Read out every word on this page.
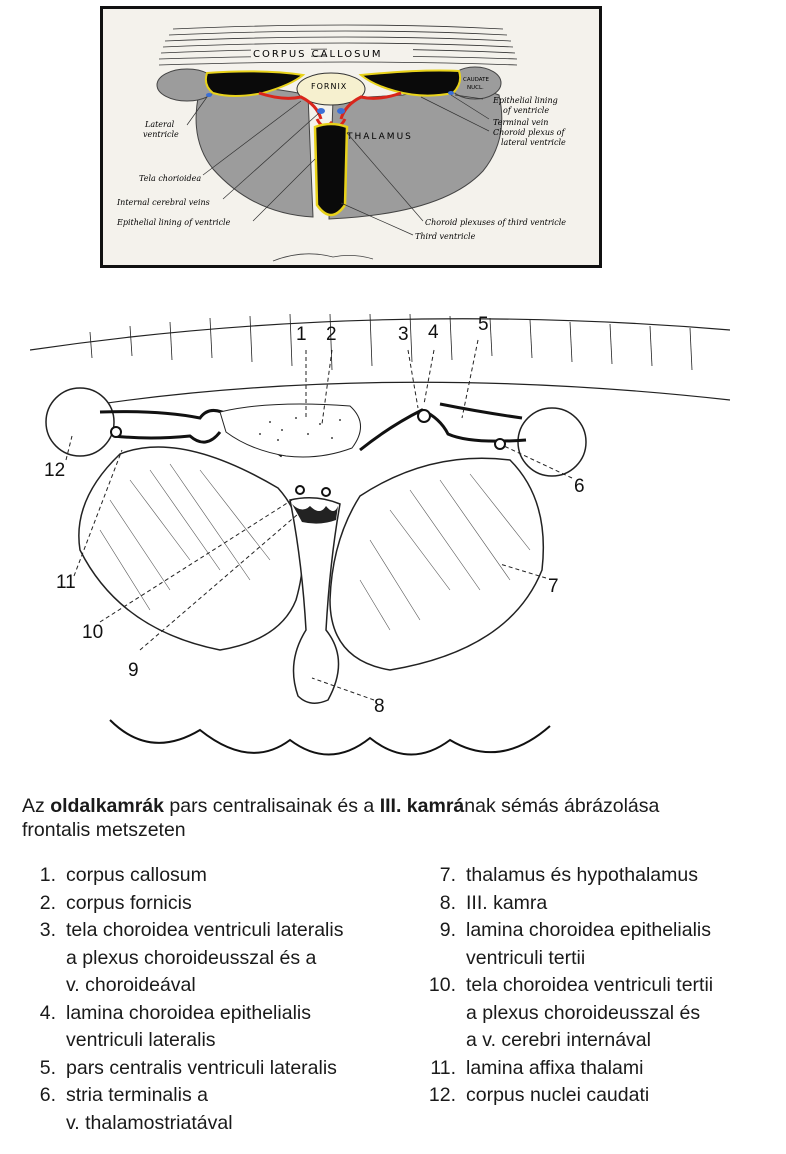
CORPUS CALLOSUM
CAUDATE
NUCL.
FORNIX
THALAMUS
Lateral
ventricle
Tela chorioidea
Internal cerebral veins
Epithelial lining of ventricle
Epithelial lining
of ventricle
Terminal vein
Choroid plexus of
lateral ventricle
Choroid plexuses of third ventricle
Third ventricle
1 2	3 4 5
6
7
8
9
10
11
12
Az oldalkamrák pars centralisainak és a III. kamrának sémás ábrázolása
frontalis metszeten
1. corpus callosum
2. corpus fornicis
3. tela choroidea ventriculi lateralis
a plexus choroideusszal és a
v. choroideával
4. lamina choroidea epithelialis
ventriculi lateralis
5. pars centralis ventriculi lateralis
6. stria terminalis a
v. thalamostriatával
7. thalamus és hypothalamus
8. III. kamra
9. lamina choroidea epithelialis
ventriculi tertii
10. tela choroidea ventriculi tertii
a plexus choroideusszal és
a v. cerebri internával
11. lamina affixa thalami
12. corpus nuclei caudati
